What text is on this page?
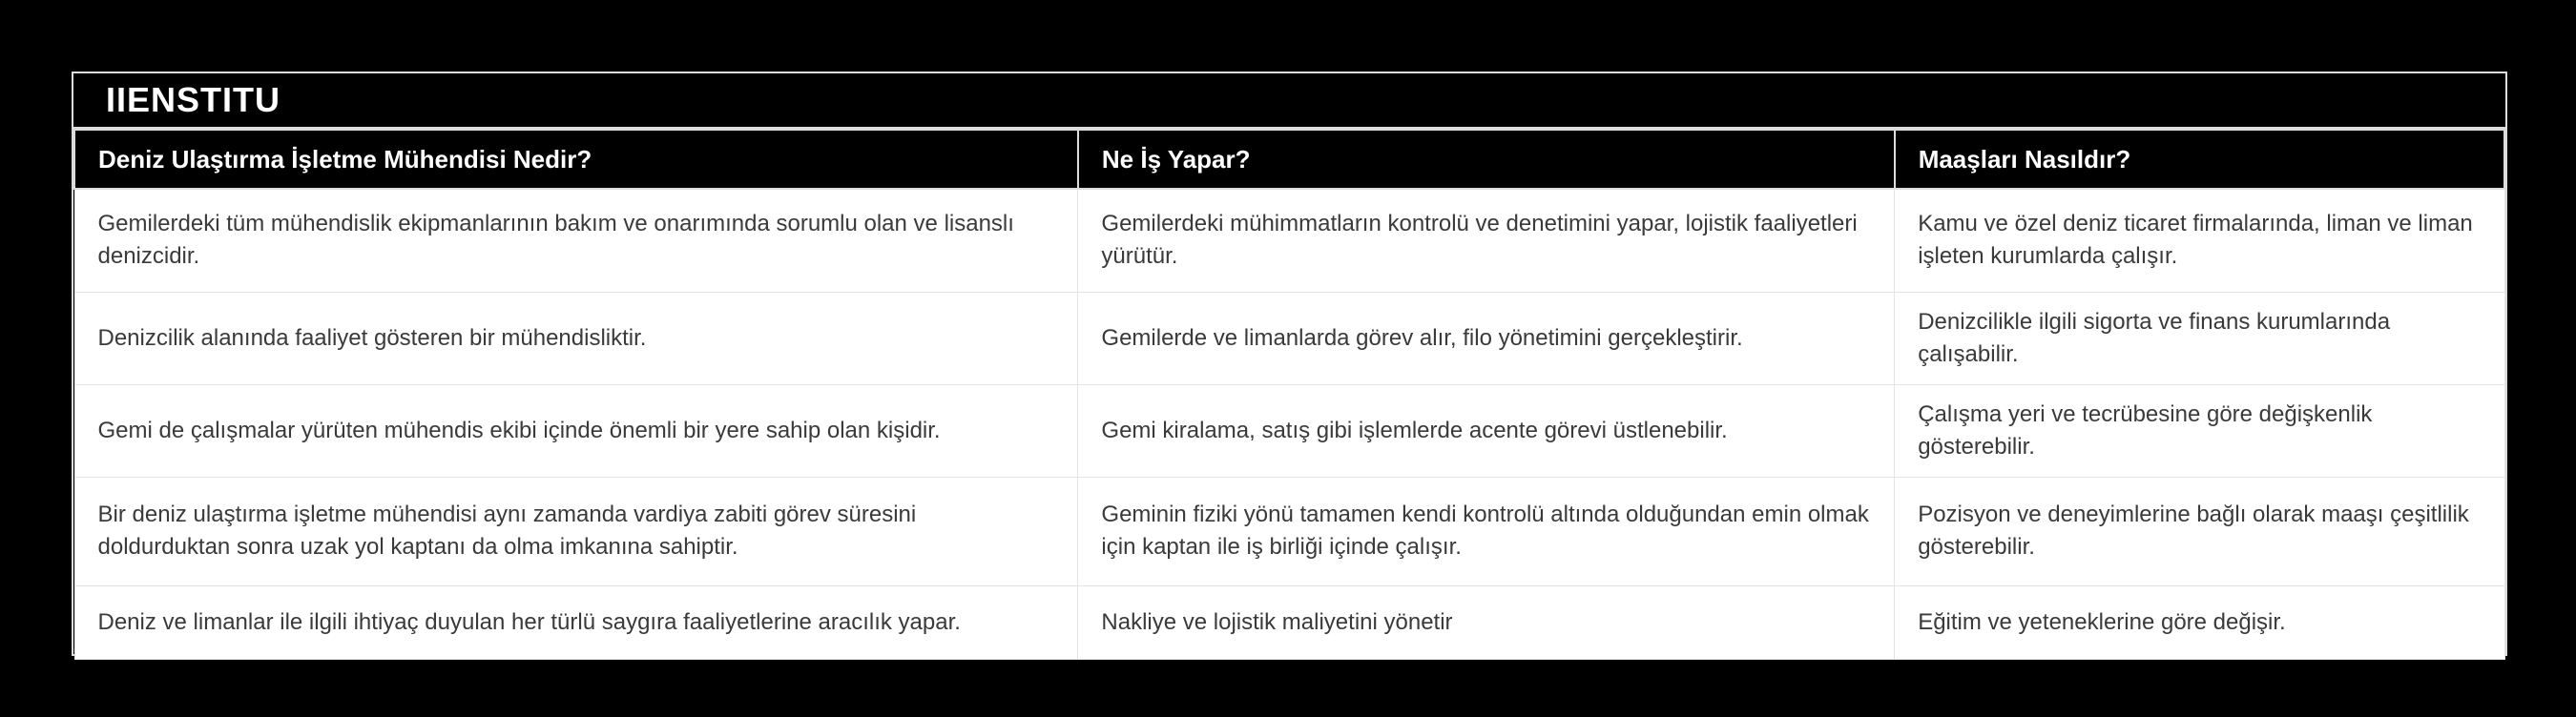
IIENSTITU
Deniz Ulaştırma İşletme Mühendisi Nedir?	Ne İş Yapar?	Maaşları Nasıldır?
Gemilerdeki tüm mühendislik ekipmanlarının bakım ve onarımında sorumlu olan ve lisanslı denizcidir.	Gemilerdeki mühimmatların kontrolü ve denetimini yapar, lojistik faaliyetleri yürütür.	Kamu ve özel deniz ticaret firmalarında, liman ve liman işleten kurumlarda çalışır.
Denizcilik alanında faaliyet gösteren bir mühendisliktir.	Gemilerde ve limanlarda görev alır, filo yönetimini gerçekleştirir.	Denizcilikle ilgili sigorta ve finans kurumlarında çalışabilir.
Gemi de çalışmalar yürüten mühendis ekibi içinde önemli bir yere sahip olan kişidir.	Gemi kiralama, satış gibi işlemlerde acente görevi üstlenebilir.	Çalışma yeri ve tecrübesine göre değişkenlik gösterebilir.
Bir deniz ulaştırma işletme mühendisi aynı zamanda vardiya zabiti görev süresini doldurduktan sonra uzak yol kaptanı da olma imkanına sahiptir.	Geminin fiziki yönü tamamen kendi kontrolü altında olduğundan emin olmak için kaptan ile iş birliği içinde çalışır.	Pozisyon ve deneyimlerine bağlı olarak maaşı çeşitlilik gösterebilir.
Deniz ve limanlar ile ilgili ihtiyaç duyulan her türlü saygıra faaliyetlerine aracılık yapar.	Nakliye ve lojistik maliyetini yönetir	Eğitim ve yeteneklerine göre değişir.
